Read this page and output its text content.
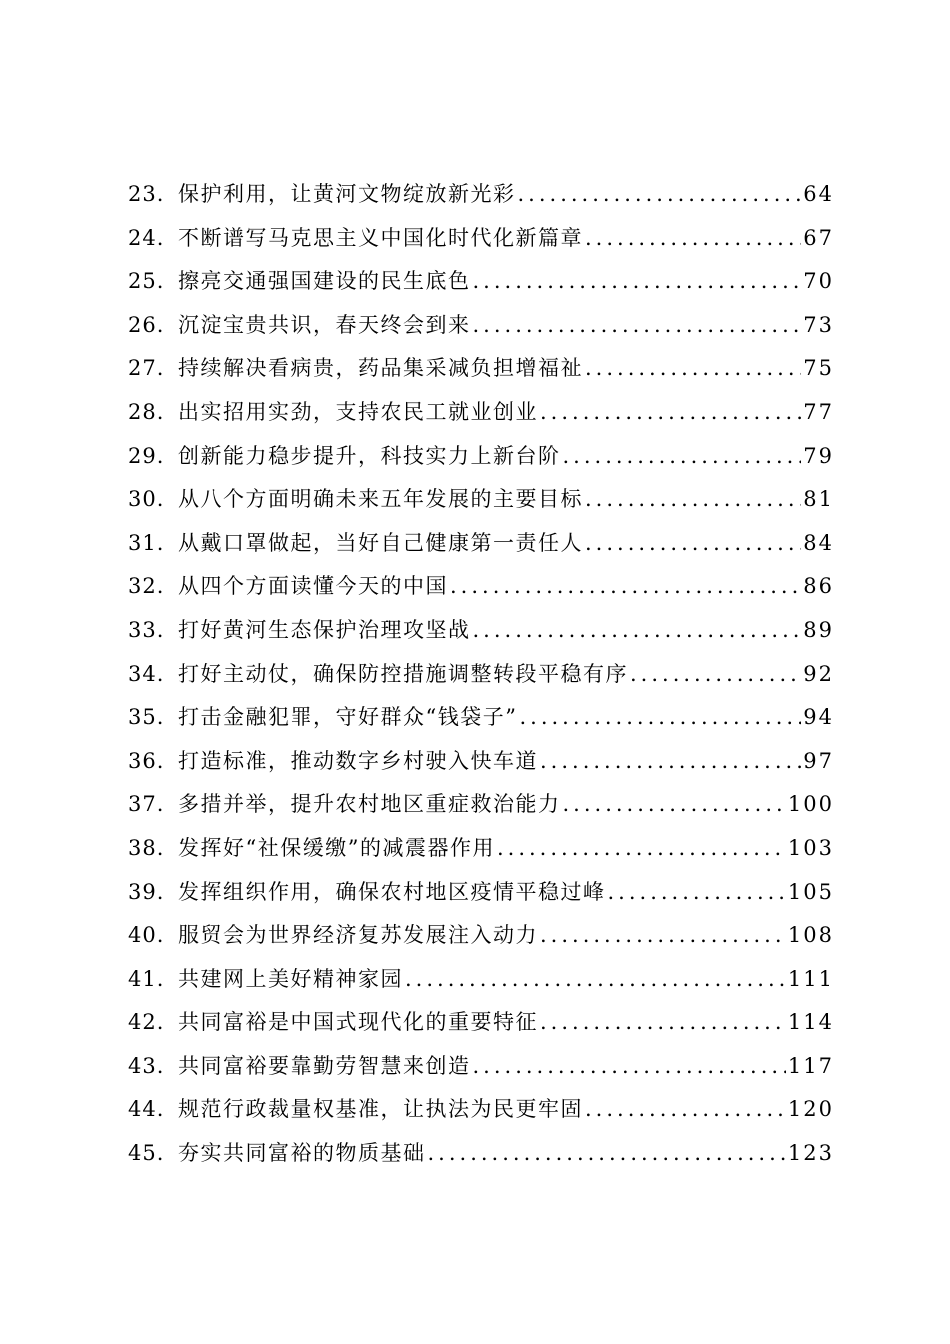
23. 保护利用，让黄河文物绽放新光彩 .....	64
24. 不断谱写马克思主义中国化时代化新篇章 .....	67
25. 擦亮交通强国建设的民生底色 .....	70
26. 沉淀宝贵共识，春天终会到来 .....	73
27. 持续解决看病贵，药品集采减负担增福祉 .....	75
28. 出实招用实劲，支持农民工就业创业 .....	77
29. 创新能力稳步提升，科技实力上新台阶 .....	79
30. 从八个方面明确未来五年发展的主要目标 .....	81
31. 从戴口罩做起，当好自己健康第一责任人 .....	84
32. 从四个方面读懂今天的中国 .....	86
33. 打好黄河生态保护治理攻坚战 .....	89
34. 打好主动仗，确保防控措施调整转段平稳有序 .....	92
35. 打击金融犯罪，守好群众“钱袋子” .....	94
36. 打造标准，推动数字乡村驶入快车道 .....	97
37. 多措并举，提升农村地区重症救治能力 .....	100
38. 发挥好“社保缓缴”的减震器作用 .....	103
39. 发挥组织作用，确保农村地区疫情平稳过峰 .....	105
40. 服贸会为世界经济复苏发展注入动力 .....	108
41. 共建网上美好精神家园 .....	111
42. 共同富裕是中国式现代化的重要特征 .....	114
43. 共同富裕要靠勤劳智慧来创造 .....	117
44. 规范行政裁量权基准，让执法为民更牢固 .....	120
45. 夯实共同富裕的物质基础 .....	123
